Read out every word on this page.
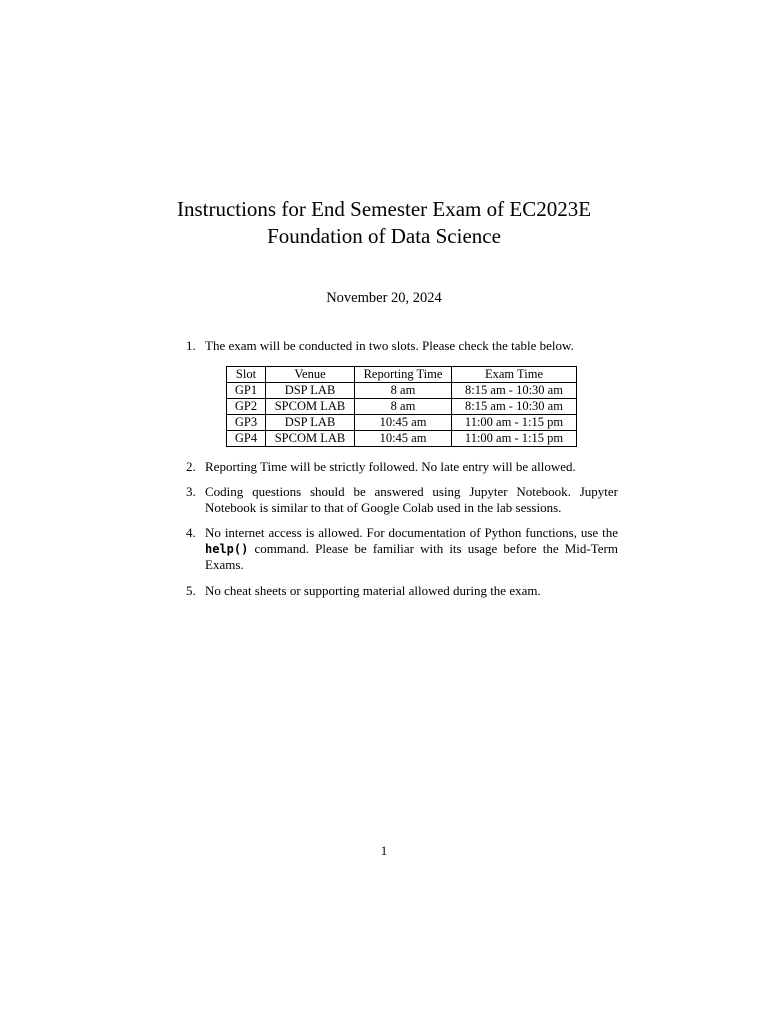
Instructions for End Semester Exam of EC2023E
Foundation of Data Science
November 20, 2024
1. The exam will be conducted in two slots. Please check the table below.
Slot	Venue	Reporting Time	Exam Time
GP1	DSP LAB	8 am	8:15 am - 10:30 am
GP2	SPCOM LAB	8 am	8:15 am - 10:30 am
GP3	DSP LAB	10:45 am	11:00 am - 1:15 pm
GP4	SPCOM LAB	10:45 am	11:00 am - 1:15 pm
2. Reporting Time will be strictly followed. No late entry will be allowed.
3. Coding questions should be answered using Jupyter Notebook. Jupyter Notebook is similar to that of Google Colab used in the lab sessions.
4. No internet access is allowed. For documentation of Python functions, use the help() command. Please be familiar with its usage before the Mid-Term Exams.
5. No cheat sheets or supporting material allowed during the exam.
1
